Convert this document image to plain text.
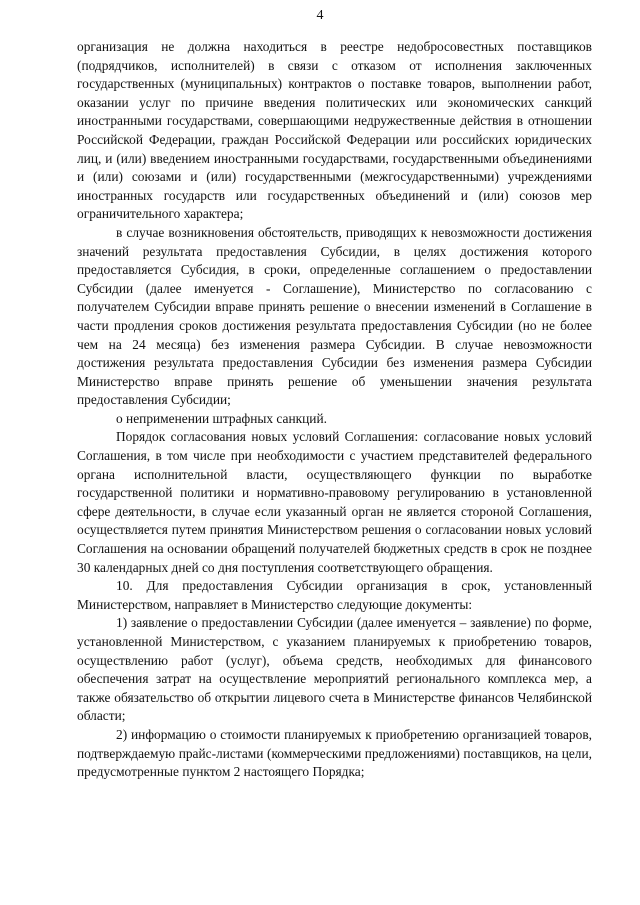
4

организация не должна находиться в реестре недобросовестных поставщиков (подрядчиков, исполнителей) в связи с отказом от исполнения заключенных государственных (муниципальных) контрактов о поставке товаров, выполнении работ, оказании услуг по причине введения политических или экономических санкций иностранными государствами, совершающими недружественные действия в отношении Российской Федерации, граждан Российской Федерации или российских юридических лиц, и (или) введением иностранными государствами, государственными объединениями и (или) союзами и (или) государственными (межгосударственными) учреждениями иностранных государств или государственных объединений и (или) союзов мер ограничительного характера;

в случае возникновения обстоятельств, приводящих к невозможности достижения значений результата предоставления Субсидии, в целях достижения которого предоставляется Субсидия, в сроки, определенные соглашением о предоставлении Субсидии (далее именуется - Соглашение), Министерство по согласованию с получателем Субсидии вправе принять решение о внесении изменений в Соглашение в части продления сроков достижения результата предоставления Субсидии (но не более чем на 24 месяца) без изменения размера Субсидии. В случае невозможности достижения результата предоставления Субсидии без изменения размера Субсидии Министерство вправе принять решение об уменьшении значения результата предоставления Субсидии;

о неприменении штрафных санкций.

Порядок согласования новых условий Соглашения: согласование новых условий Соглашения, в том числе при необходимости с участием представителей федерального органа исполнительной власти, осуществляющего функции по выработке государственной политики и нормативно-правовому регулированию в установленной сфере деятельности, в случае если указанный орган не является стороной Соглашения, осуществляется путем принятия Министерством решения о согласовании новых условий Соглашения на основании обращений получателей бюджетных средств в срок не позднее 30 календарных дней со дня поступления соответствующего обращения.

10. Для предоставления Субсидии организация в срок, установленный Министерством, направляет в Министерство следующие документы:

1) заявление о предоставлении Субсидии (далее именуется – заявление) по форме, установленной Министерством, с указанием планируемых к приобретению товаров, осуществлению работ (услуг), объема средств, необходимых для финансового обеспечения затрат на осуществление мероприятий регионального комплекса мер, а также обязательство об открытии лицевого счета в Министерстве финансов Челябинской области;

2) информацию о стоимости планируемых к приобретению организацией товаров, подтверждаемую прайс-листами (коммерческими предложениями) поставщиков, на цели, предусмотренные пунктом 2 настоящего Порядка;
